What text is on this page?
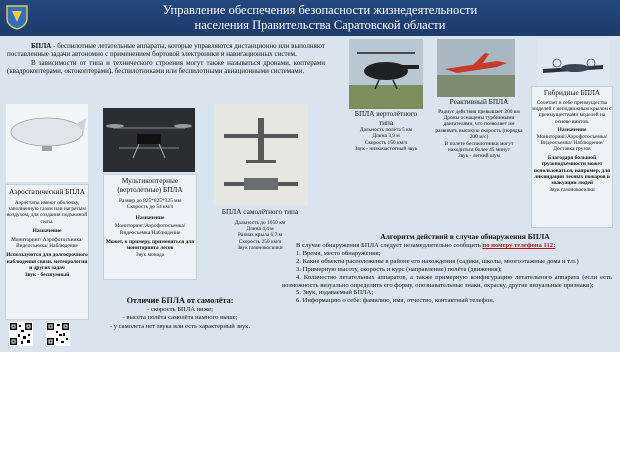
Управление обеспечения безопасности жизнедеятельности
населения Правительства Саратовской области

БПЛА - беспилотные летательные аппараты, которые управляются дистанционно или выполняют поставленные задачи автономно с применением бортовой электроники и навигационных систем.

В зависимости от типа и технического строения могут также называться дронами, коптерами (квадрокоптерами, октокоптерами), беспилотниками или беспилотными авиационными системами.

БПЛА вертолётного типа
Дальность полёта 5 км
Длина 3,9 м
Скорость 150 км/ч
Звук - низкочастотный звук
Реактивный БПЛА
Радиус действия превышает 200 км
Дроны оснащены турбинными двигателями, что позволяет им развивать высокую скорость (порядка 200 м/с)
В полете беспилотники могут находиться более 45 минут
Звук - легкий шум
Гибридные БПЛА
Сочетает в себе преимущества моделей с неподвижным крылом с преимуществами моделей на основе винтов.
Назначение
Мониторинг/Аэрофотосъемка/ Видеосъемка/ Наблюдение/ Доставка грузов
Благодаря большой грузоподъемности может использоваться, например, для ликвидации лесных пожаров и эвакуации людей
Звук газонокосилки
Аэростатический БПЛА
Аэростаты имеют оболочку, заполненную газом или нагретым воздухом, для создания подъемной силы.
Назначение
Мониторинг/ Аэрофотосъемка/ Видеосъемка/ Наблюдение
Используются для долгосрочного наблюдения связи, метеорологии и других задач
Звук - бесшумный
Мультикоптерные (вертолетные) БПЛА
Размер до 825*825*325 мм
Скорость до 54 км/ч
Назначение
Мониторинг/Аэрофотосъемка/ Видеосъемка/Наблюдение
Может, к примеру, применяться для мониторинга лесов
Звук монада
БПЛА самолётного типа
Дальность до 1050 км
Длина 4,4 м
Размах крыла 6,7 м
Скорость 250 км/ч
Звук газонокосилки
Отличие БПЛА от самолёта:
- скорость БПЛА ниже;
- высота полёта самолёта намного выше;
- у самолета нет звука или есть характерный звук.
Алгоритм действий в случае обнаружения БПЛА

В случае обнаружения БПЛА следует незамедлительно сообщить по номеру телефона 112:

1. Время, место обнаружения;

2. Какие объекты расположены в районе его нахождения (садики, школы, многоэтажные дома и т.п.)

3. Примерную высоту, скорость и курс (направление) полёта (движения);

4. Количество летательных аппаратов, а также примерную конфигурацию летательного аппарата (если есть возможность визуально определить его форму, опознавательные знаки, окраску, другие визуальные признаки);

5. Звук, издаваемый БПЛА;

6. Информацию о себе: фамилию, имя, отчество, контактный телефон.
